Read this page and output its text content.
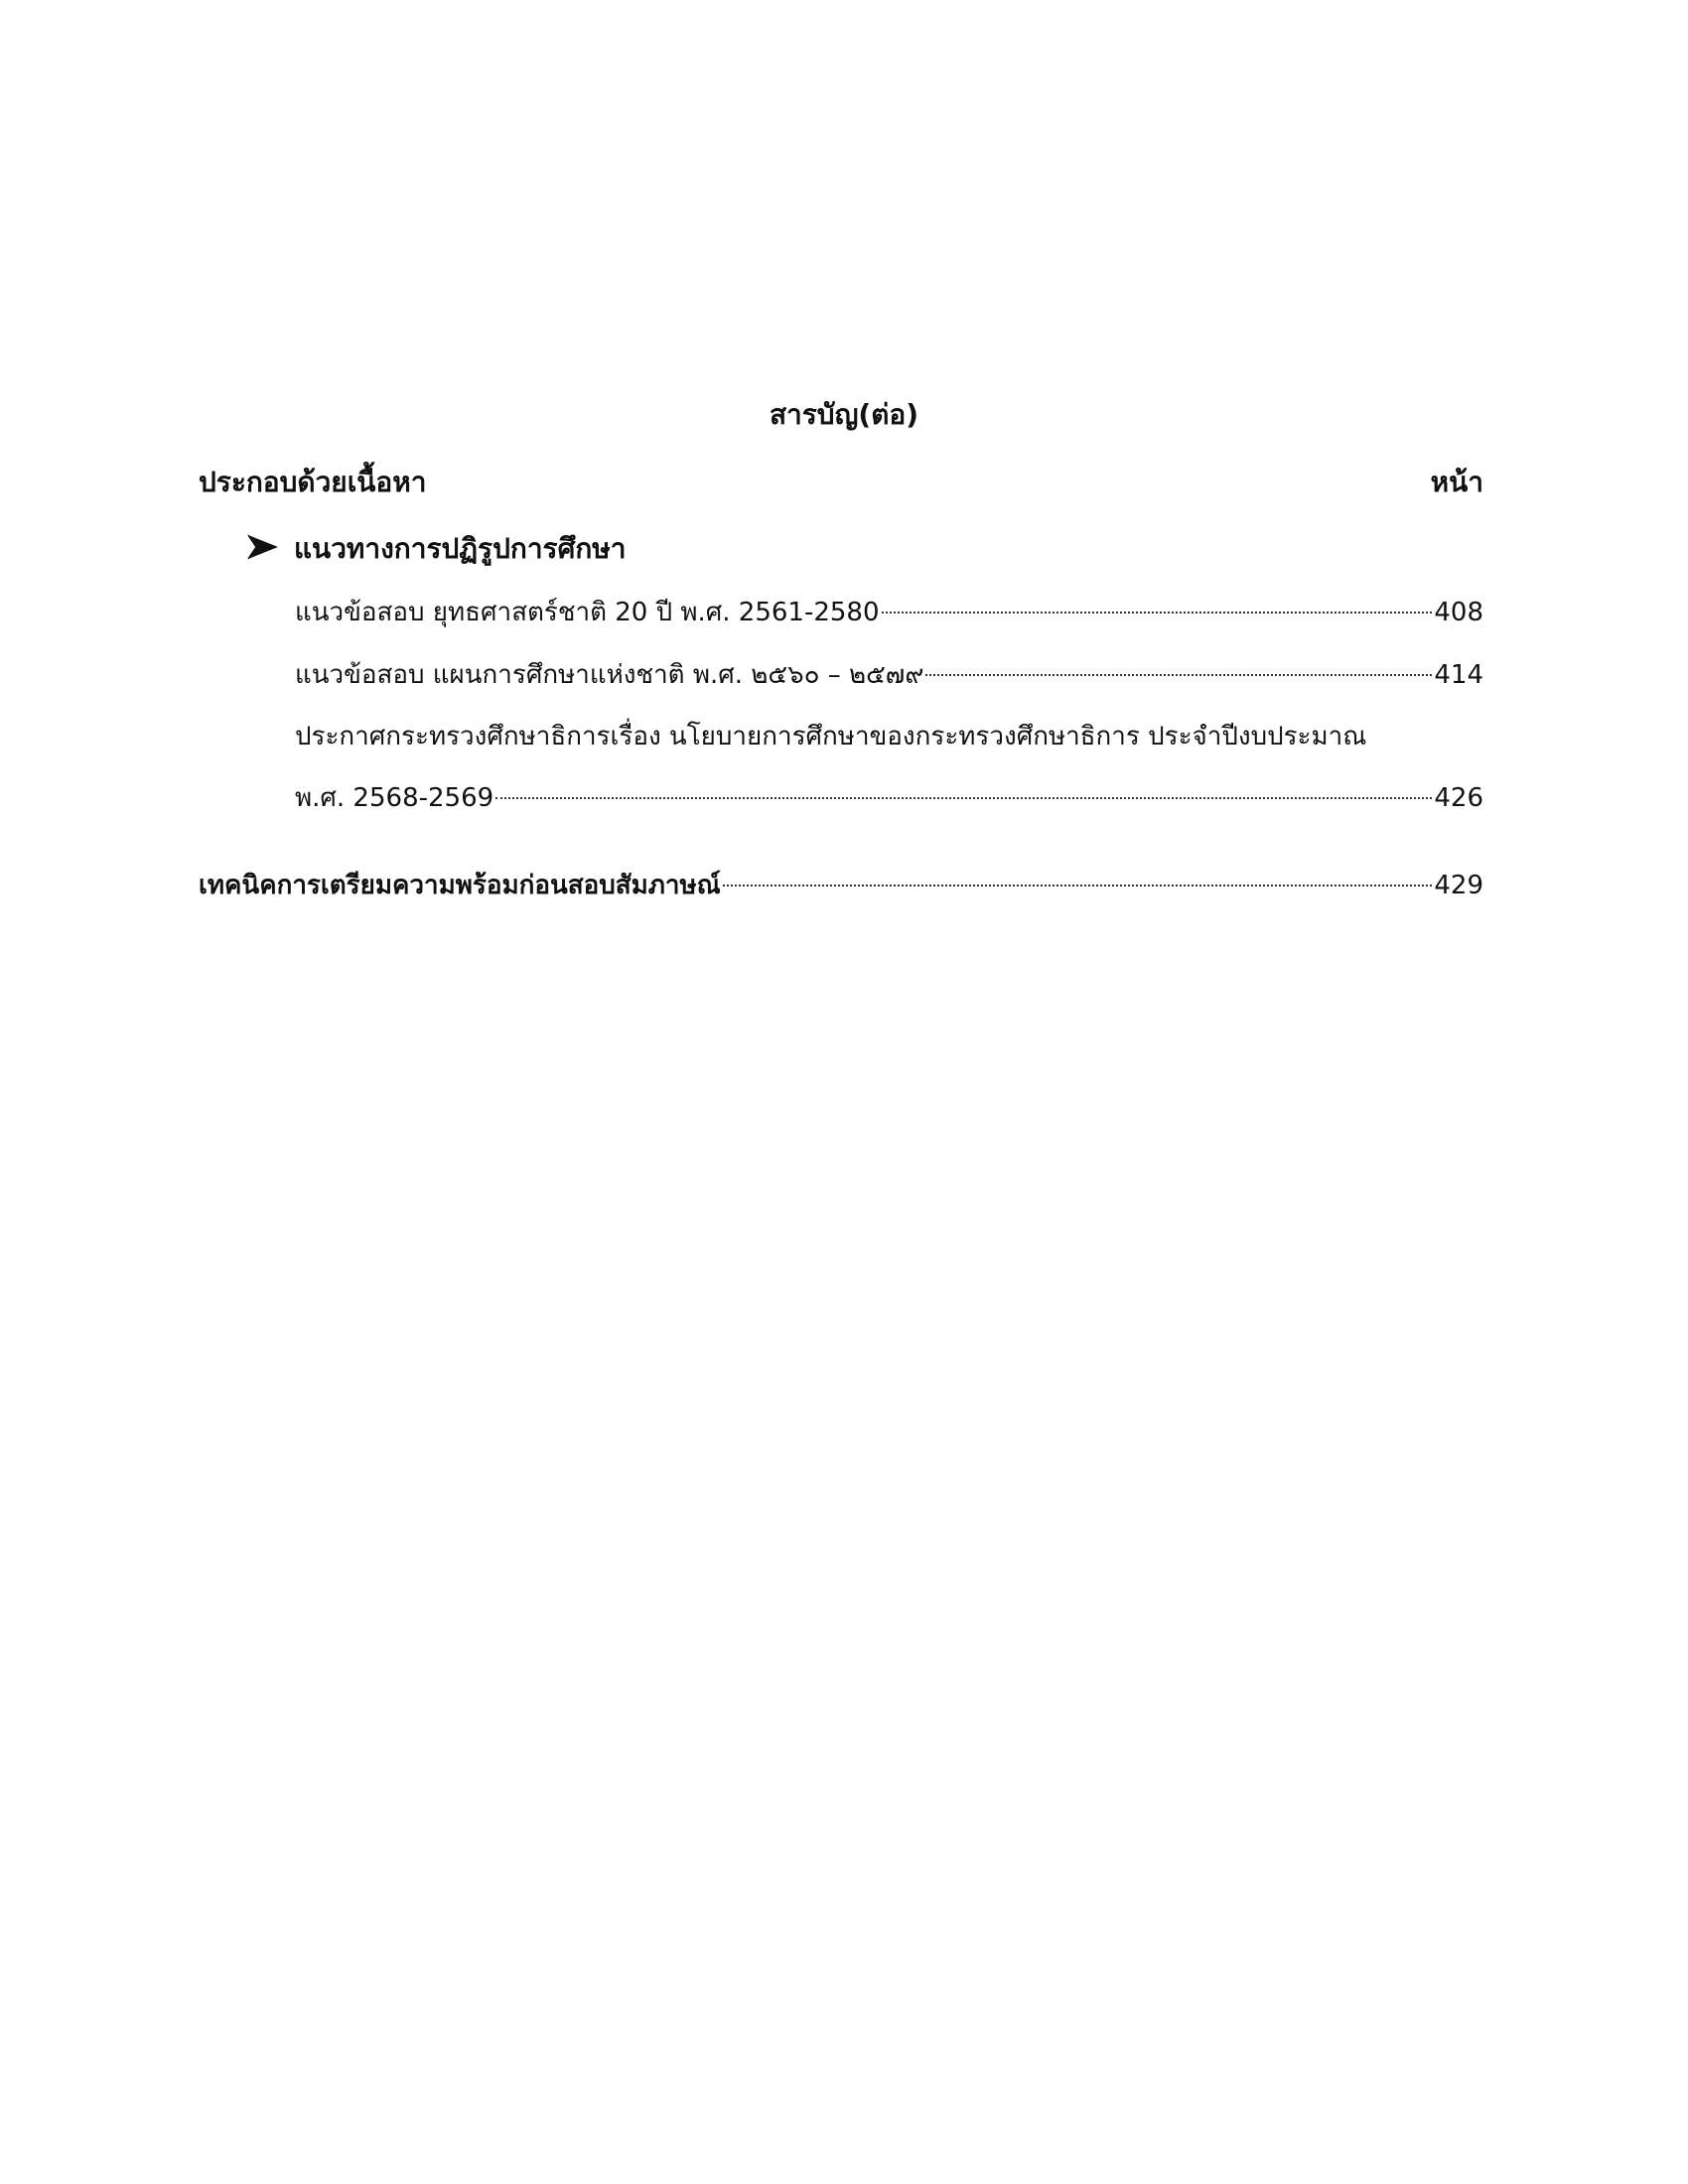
สารบัญ(ต่อ)
ประกอบด้วยเนื้อหา	หน้า
แนวทางการปฏิรูปการศึกษา
แนวข้อสอบ ยุทธศาสตร์ชาติ 20 ปี พ.ศ. 2561-2580	408
แนวข้อสอบ แผนการศึกษาแห่งชาติ พ.ศ. ๒๕๖๐ – ๒๕๗๙	414
ประกาศกระทรวงศึกษาธิการเรื่อง นโยบายการศึกษาของกระทรวงศึกษาธิการ ประจำปีงบประมาณ
พ.ศ. 2568-2569	426
เทคนิคการเตรียมความพร้อมก่อนสอบสัมภาษณ์	429
